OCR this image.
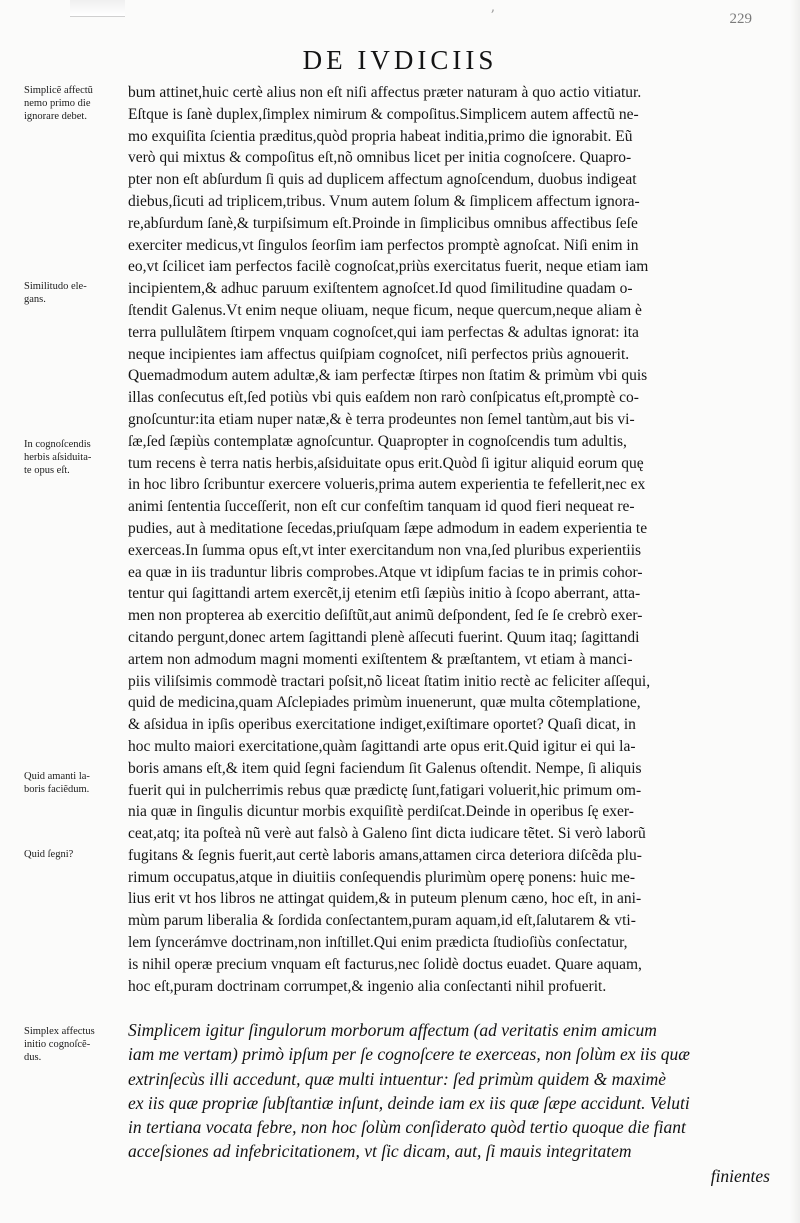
ʼ	229
DE IVDICIIS
Simplicẽ affectũ
nemo primo die
ignorare debet.
Similitudo ele-
gans.
In cognoſcendis
herbis aſsiduita-
te opus eſt.
Quid amanti la-
boris faciẽdum.
Quid ſegni?
Simplex affectus
initio cognoſcẽ-
dus.
bum attinet,huic certè alius non eſt niſi affectus præter naturam à quo actio vitiatur.
Eſtque is ſanè duplex,ſimplex nimirum & compoſitus.Simplicem autem affectũ ne-
mo exquiſita ſcientia præditus,quòd propria habeat inditia,primo die ignorabit. Eũ
verò qui mixtus & compoſitus eſt,nõ omnibus licet per initia cognoſcere. Quapro-
pter non eſt abſurdum ſi quis ad duplicem affectum agnoſcendum, duobus indigeat
diebus,ſicuti ad triplicem,tribus. Vnum autem ſolum & ſimplicem affectum ignora-
re,abſurdum ſanè,& turpiſsimum eſt.Proinde in ſimplicibus omnibus affectibus ſeſe
exerciter medicus,vt ſingulos ſeorſim iam perfectos promptè agnoſcat. Niſi enim in
eo,vt ſcilicet iam perfectos facilè cognoſcat,priùs exercitatus fuerit, neque etiam iam
incipientem,& adhuc paruum exiſtentem agnoſcet.Id quod ſimilitudine quadam o-
ſtendit Galenus.Vt enim neque oliuam, neque ficum, neque quercum,neque aliam è
terra pullulãtem ſtirpem vnquam cognoſcet,qui iam perfectas & adultas ignorat: ita
neque incipientes iam affectus quiſpiam cognoſcet, niſi perfectos priùs agnouerit.
Quemadmodum autem adultæ,& iam perfectæ ſtirpes non ſtatim & primùm vbi quis
illas conſecutus eſt,ſed potiùs vbi quis eaſdem non rarò conſpicatus eſt,promptè co-
gnoſcuntur:ita etiam nuper natæ,& è terra prodeuntes non ſemel tantùm,aut bis vi-
ſæ,ſed ſæpiùs contemplatæ agnoſcuntur. Quapropter in cognoſcendis tum adultis,
tum recens è terra natis herbis,aſsiduitate opus erit.Quòd ſi igitur aliquid eorum quę
in hoc libro ſcribuntur exercere volueris,prima autem experientia te fefellerit,nec ex
animi ſententia ſucceſſerit, non eſt cur confeſtim tanquam id quod fieri nequeat re-
pudies, aut à meditatione ſecedas,priuſquam ſæpe admodum in eadem experientia te
exerceas.In ſumma opus eſt,vt inter exercitandum non vna,ſed pluribus experientiis
ea quæ in iis traduntur libris comprobes.Atque vt idipſum facias te in primis cohor-
tentur qui ſagittandi artem exercẽt,ij etenim etſi ſæpiùs initio à ſcopo aberrant, atta-
men non propterea ab exercitio deſiſtũt,aut animũ deſpondent, ſed ſe ſe crebrò exer-
citando pergunt,donec artem ſagittandi plenè aſſecuti fuerint. Quum itaq; ſagittandi
artem non admodum magni momenti exiſtentem & præſtantem, vt etiam à manci-
piis viliſsimis commodè tractari poſsit,nõ liceat ſtatim initio rectè ac feliciter aſſequi,
quid de medicina,quam Aſclepiades primùm inuenerunt, quæ multa cõtemplatione,
& aſsidua in ipſis operibus exercitatione indiget,exiſtimare oportet? Quaſi dicat, in
hoc multo maiori exercitatione,quàm ſagittandi arte opus erit.Quid igitur ei qui la-
boris amans eſt,& item quid ſegni faciendum ſit Galenus oſtendit. Nempe, ſi aliquis
fuerit qui in pulcherrimis rebus quæ prædictę ſunt,fatigari voluerit,hic primum om-
nia quæ in ſingulis dicuntur morbis exquiſitè perdiſcat.Deinde in operibus ſę exer-
ceat,atq; ita poſteà nũ verè aut falsò à Galeno ſint dicta iudicare tẽtet. Si verò laborũ
fugitans & ſegnis fuerit,aut certè laboris amans,attamen circa deteriora diſcẽda plu-
rimum occupatus,atque in diuitiis conſequendis plurimùm operę ponens: huic me-
lius erit vt hos libros ne attingat quidem,& in puteum plenum cæno, hoc eſt, in ani-
mùm parum liberalia & ſordida conſectantem,puram aquam,id eſt,ſalutarem & vti-
lem ſyncerámve doctrinam,non inſtillet.Qui enim prædicta ſtudioſiùs conſectatur,
is nihil operæ precium vnquam eſt facturus,nec ſolidè doctus euadet. Quare aquam,
hoc eſt,puram doctrinam corrumpet,& ingenio alia conſectanti nihil profuerit.
Simplicem igitur ſingulorum morborum affectum (ad veritatis enim amicum
iam me vertam) primò ipſum per ſe cognoſcere te exerceas, non ſolùm ex iis quæ
extrinſecùs illi accedunt, quæ multi intuentur: ſed primùm quidem & maximè
ex iis quæ propriæ ſubſtantiæ inſunt, deinde iam ex iis quæ ſæpe accidunt. Veluti
in tertiana vocata febre, non hoc ſolùm conſiderato quòd tertio quoque die fiant
acceſsiones ad infebricitationem, vt ſic dicam, aut, ſi mauis integritatem
finientes
